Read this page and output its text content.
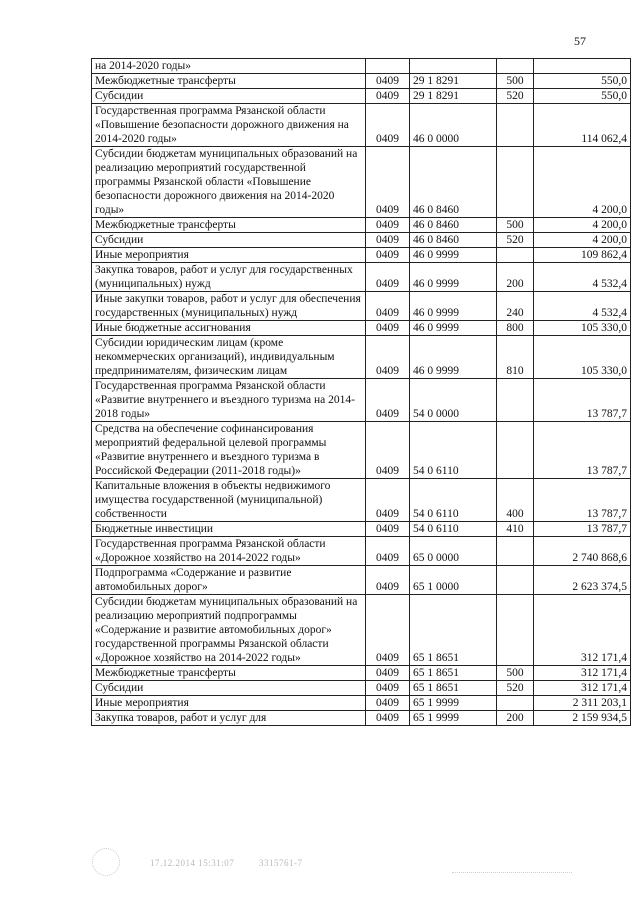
57
на 2014-2020 годы»				
Межбюджетные трансферты	0409	29 1 8291	500	550,0
Субсидии	0409	29 1 8291	520	550,0
Государственная программа Рязанской области «Повышение безопасности дорожного движения на 2014-2020 годы»	0409	46 0 0000		114 062,4
Субсидии бюджетам муниципальных образований на реализацию мероприятий государственной программы Рязанской области «Повышение безопасности дорожного движения на 2014-2020 годы»	0409	46 0 8460		4 200,0
Межбюджетные трансферты	0409	46 0 8460	500	4 200,0
Субсидии	0409	46 0 8460	520	4 200,0
Иные мероприятия	0409	46 0 9999		109 862,4
Закупка товаров, работ и услуг для государственных (муниципальных) нужд	0409	46 0 9999	200	4 532,4
Иные закупки товаров, работ и услуг для обеспечения государственных (муниципальных) нужд	0409	46 0 9999	240	4 532,4
Иные бюджетные ассигнования	0409	46 0 9999	800	105 330,0
Субсидии юридическим лицам (кроме некоммерческих организаций), индивидуальным предпринимателям, физическим лицам	0409	46 0 9999	810	105 330,0
Государственная программа Рязанской области «Развитие внутреннего и въездного туризма на 2014-2018 годы»	0409	54 0 0000		13 787,7
Средства на обеспечение софинансирования мероприятий федеральной целевой программы «Развитие внутреннего и въездного туризма в Российской Федерации (2011-2018 годы)»	0409	54 0 6110		13 787,7
Капитальные вложения в объекты недвижимого имущества государственной (муниципальной) собственности	0409	54 0 6110	400	13 787,7
Бюджетные инвестиции	0409	54 0 6110	410	13 787,7
Государственная программа Рязанской области «Дорожное хозяйство на 2014-2022 годы»	0409	65 0 0000		2 740 868,6
Подпрограмма «Содержание и развитие автомобильных дорог»	0409	65 1 0000		2 623 374,5
Субсидии бюджетам муниципальных образований на реализацию мероприятий подпрограммы «Содержание и развитие автомобильных дорог» государственной программы Рязанской области «Дорожное хозяйство на 2014-2022 годы»	0409	65 1 8651		312 171,4
Межбюджетные трансферты	0409	65 1 8651	500	312 171,4
Субсидии	0409	65 1 8651	520	312 171,4
Иные мероприятия	0409	65 1 9999		2 311 203,1
Закупка товаров, работ и услуг для	0409	65 1 9999	200	2 159 934,5
17.12.2014 15:31:07	3315761-7
